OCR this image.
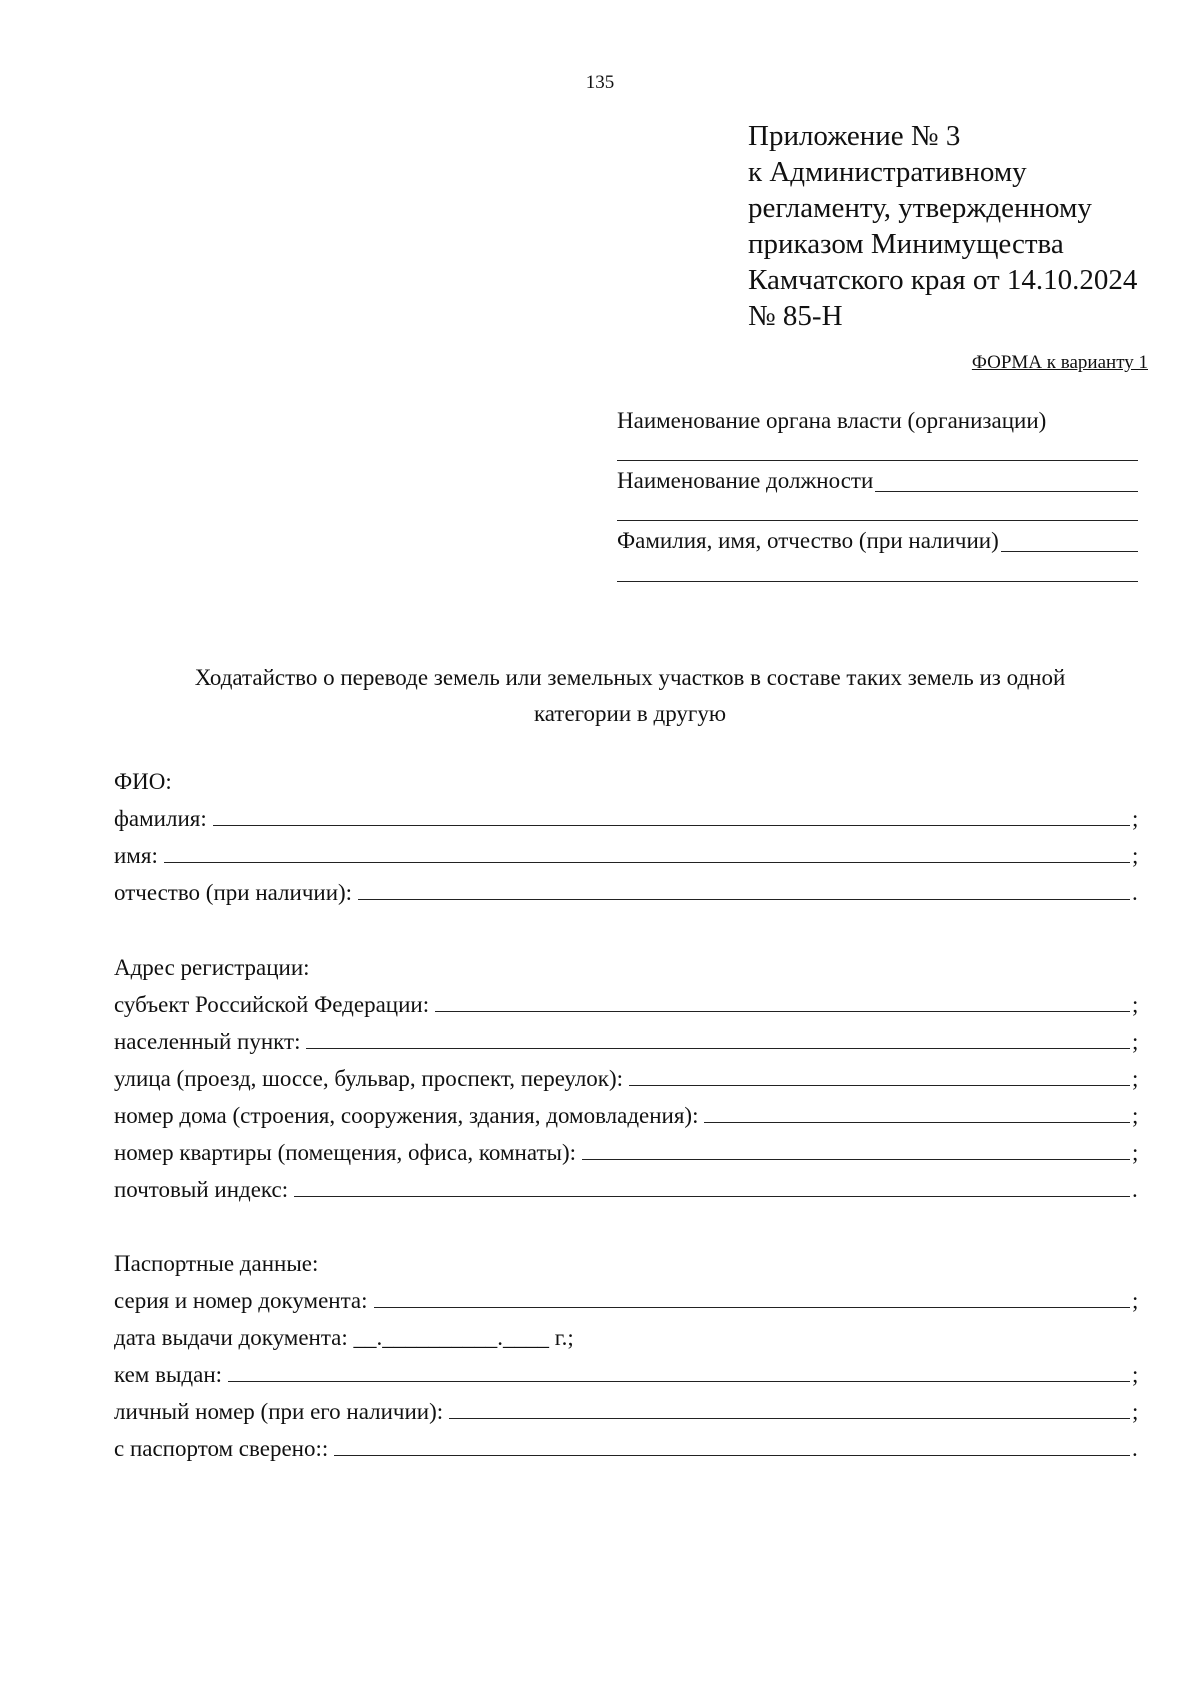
135
Приложение № 3
к Административному
регламенту, утвержденному
приказом Минимущества
Камчатского края от 14.10.2024
№ 85-Н
ФОРМА к варианту 1
Наименование органа власти (организации)
Наименование должности
Фамилия, имя, отчество (при наличии)
Ходатайство о переводе земель или земельных участков в составе таких земель из одной
категории в другую
ФИО:
фамилия:	;
имя:	;
отчество (при наличии):	.
Адрес регистрации:
субъект Российской Федерации:	;
населенный пункт:	;
улица (проезд, шоссе, бульвар, проспект, переулок):	;
номер дома (строения, сооружения, здания, домовладения):	;
номер квартиры (помещения, офиса, комнаты):	;
почтовый индекс:	.
Паспортные данные:
серия и номер документа:	;
дата выдачи документа: __.__________.____ г.;
кем выдан:	;
личный номер (при его наличии):	;
с паспортом сверено::	.
